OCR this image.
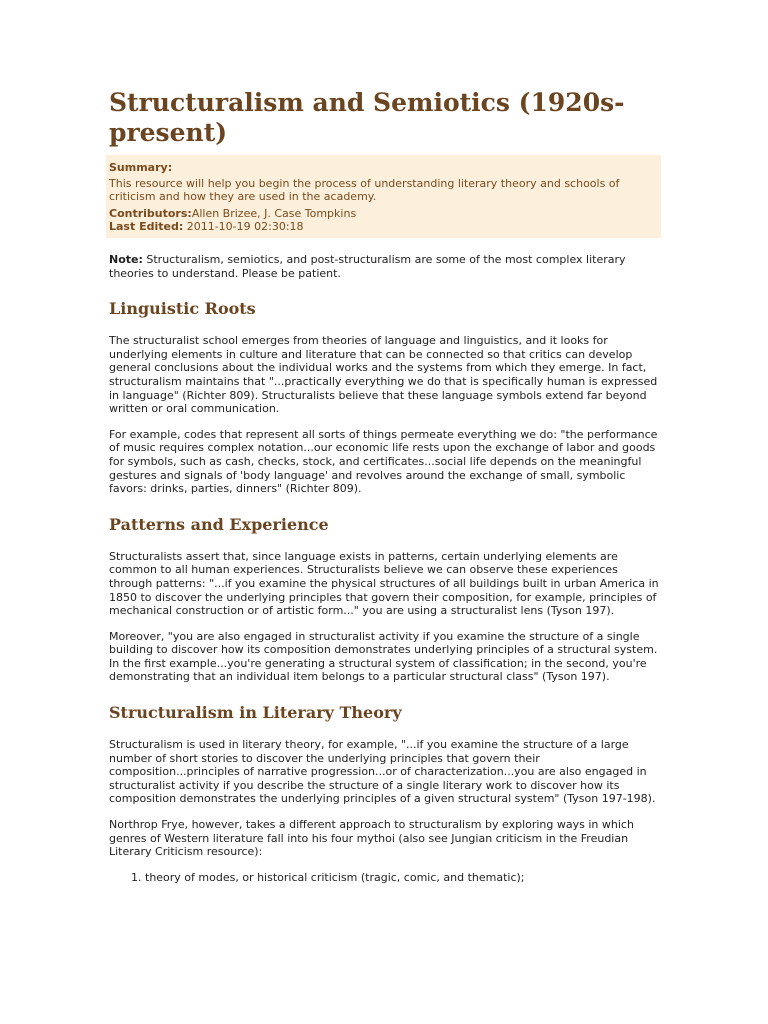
Structuralism and Semiotics (1920s-present)
Summary:
This resource will help you begin the process of understanding literary theory and schools of criticism and how they are used in the academy.
Contributors:Allen Brizee, J. Case Tompkins
Last Edited: 2011-10-19 02:30:18

Note: Structuralism, semiotics, and post-structuralism are some of the most complex literary theories to understand. Please be patient.

Linguistic Roots

The structuralist school emerges from theories of language and linguistics, and it looks for underlying elements in culture and literature that can be connected so that critics can develop general conclusions about the individual works and the systems from which they emerge. In fact, structuralism maintains that "...practically everything we do that is specifically human is expressed in language" (Richter 809). Structuralists believe that these language symbols extend far beyond written or oral communication.

For example, codes that represent all sorts of things permeate everything we do: "the performance of music requires complex notation...our economic life rests upon the exchange of labor and goods for symbols, such as cash, checks, stock, and certificates...social life depends on the meaningful gestures and signals of 'body language' and revolves around the exchange of small, symbolic favors: drinks, parties, dinners" (Richter 809).

Patterns and Experience

Structuralists assert that, since language exists in patterns, certain underlying elements are common to all human experiences. Structuralists believe we can observe these experiences through patterns: "...if you examine the physical structures of all buildings built in urban America in 1850 to discover the underlying principles that govern their composition, for example, principles of mechanical construction or of artistic form..." you are using a structuralist lens (Tyson 197).

Moreover, "you are also engaged in structuralist activity if you examine the structure of a single building to discover how its composition demonstrates underlying principles of a structural system. In the first example...you're generating a structural system of classification; in the second, you're demonstrating that an individual item belongs to a particular structural class" (Tyson 197).

Structuralism in Literary Theory

Structuralism is used in literary theory, for example, "...if you examine the structure of a large number of short stories to discover the underlying principles that govern their composition...principles of narrative progression...or of characterization...you are also engaged in structuralist activity if you describe the structure of a single literary work to discover how its composition demonstrates the underlying principles of a given structural system" (Tyson 197-198).

Northrop Frye, however, takes a different approach to structuralism by exploring ways in which genres of Western literature fall into his four mythoi (also see Jungian criticism in the Freudian Literary Criticism resource):

1. theory of modes, or historical criticism (tragic, comic, and thematic);
